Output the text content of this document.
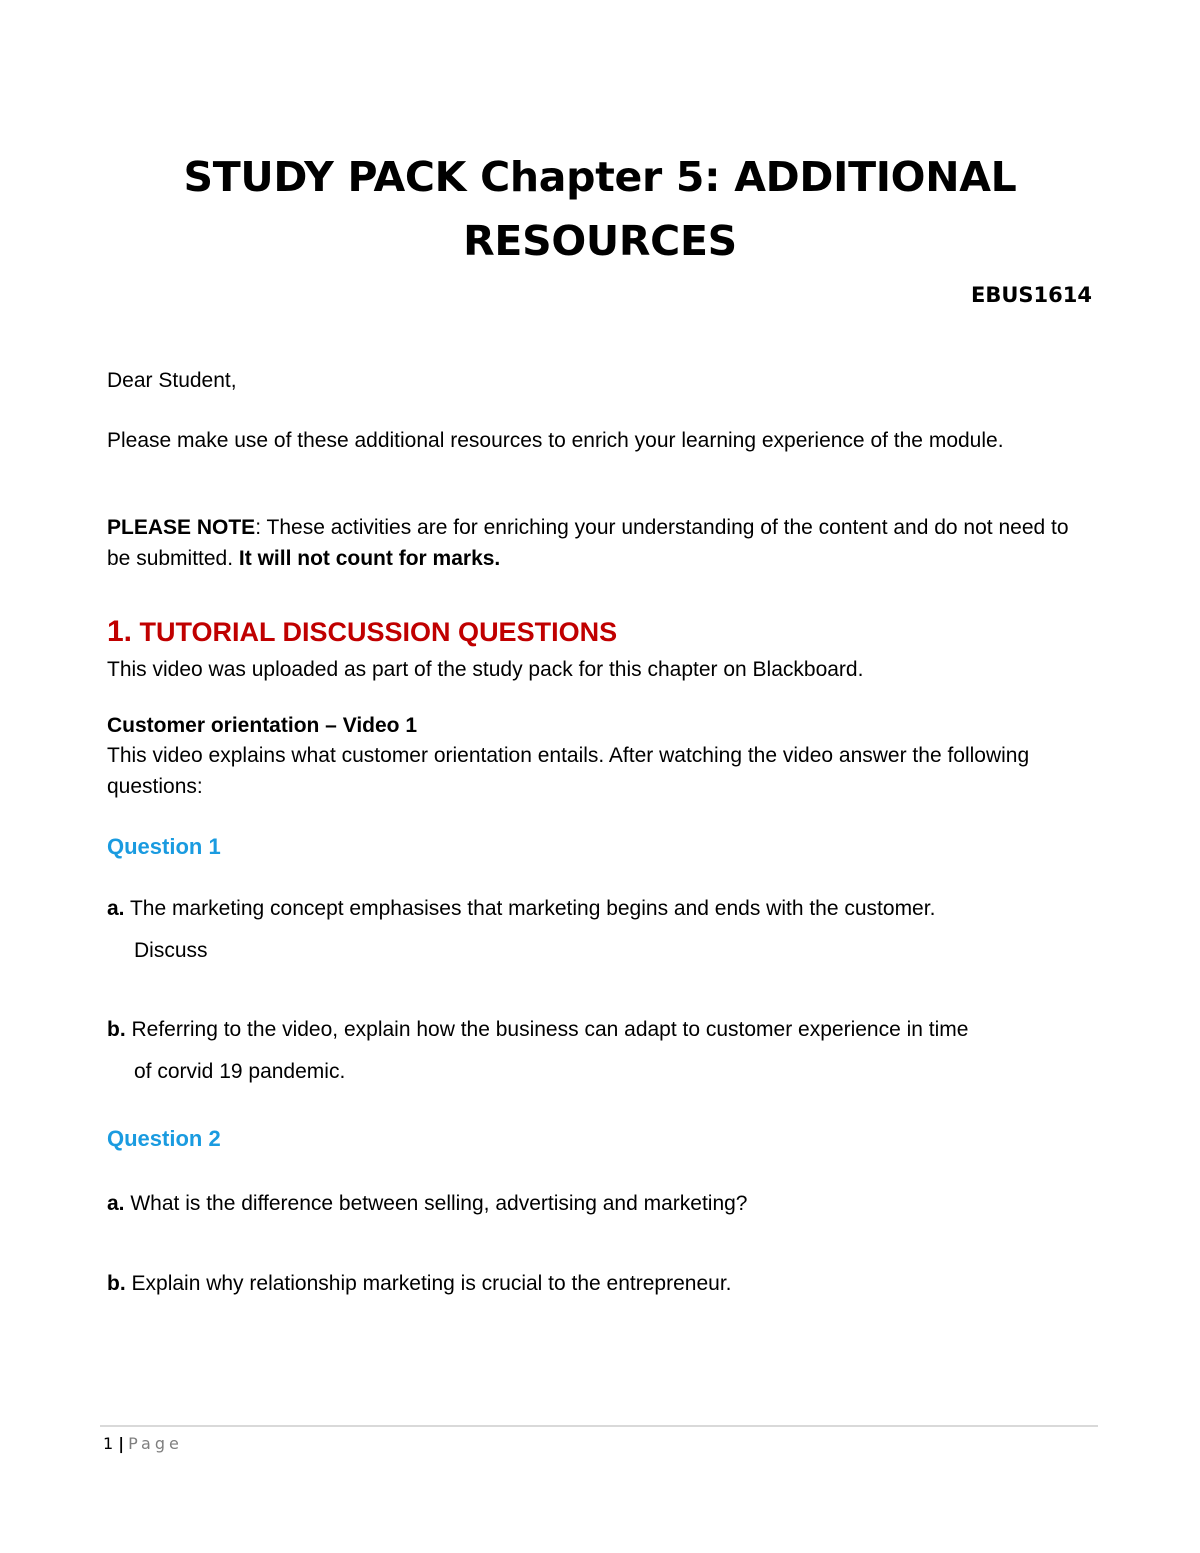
STUDY PACK Chapter 5: ADDITIONAL
RESOURCES
EBUS1614
Dear Student,
Please make use of these additional resources to enrich your learning experience of the module.
PLEASE NOTE: These activities are for enriching your understanding of the content and do not need to be submitted. It will not count for marks.
1. TUTORIAL DISCUSSION QUESTIONS
This video was uploaded as part of the study pack for this chapter on Blackboard.
Customer orientation – Video 1
This video explains what customer orientation entails. After watching the video answer the following questions:
Question 1
a. The marketing concept emphasises that marketing begins and ends with the customer.
Discuss
b. Referring to the video, explain how the business can adapt to customer experience in time
of corvid 19 pandemic.
Question 2
a. What is the difference between selling, advertising and marketing?
b. Explain why relationship marketing is crucial to the entrepreneur.
1 | Page
